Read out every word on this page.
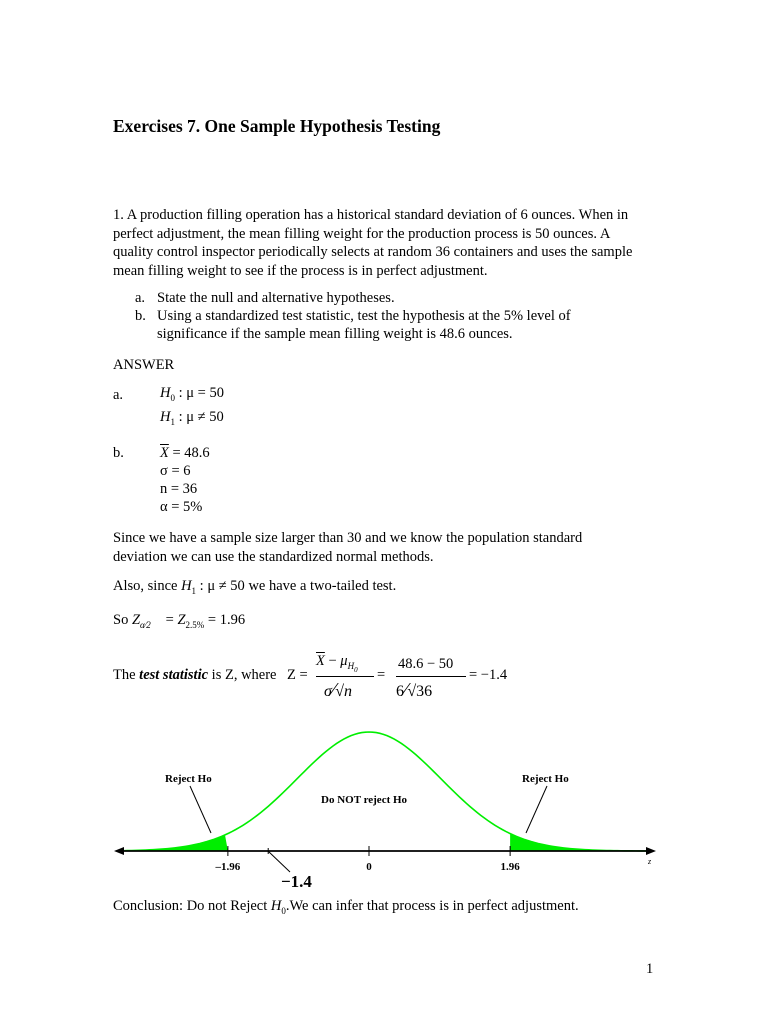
Exercises 7. One Sample Hypothesis Testing
1. A production filling operation has a historical standard deviation of 6 ounces. When in
perfect adjustment, the mean filling weight for the production process is 50 ounces. A
quality control inspector periodically selects at random 36 containers and uses the sample
mean filling weight to see if the process is in perfect adjustment.
a. State the null and alternative hypotheses.
b. Using a standardized test statistic, test the hypothesis at the 5% level of
significance if the sample mean filling weight is 48.6 ounces.
ANSWER
a.	$H_0$ : μ = 50
$H_1$ : μ ≠ 50
b. $\overline{X} = 48.6$
σ = 6
n = 36
α = 5%
Since we have a sample size larger than 30 and we know the population standard
deviation we can use the standardized normal methods.
Also, since $H_1$ : μ ≠ 50 we have a two-tailed test.
So Zα⁄2 = $Z_{2.5\%} = 1.96$
The test statistic is Z, where Z =
$\overline{X} - \mu_{H_0}$
σ⁄√n
=
48.6 − 50
6⁄√36
= −1.4
Reject Ho	Reject Ho
Do NOT reject Ho
–1.96	0	1.96	z
−1.4
Conclusion: Do not Reject $H_0.We$ can infer that process is in perfect adjustment.
1
